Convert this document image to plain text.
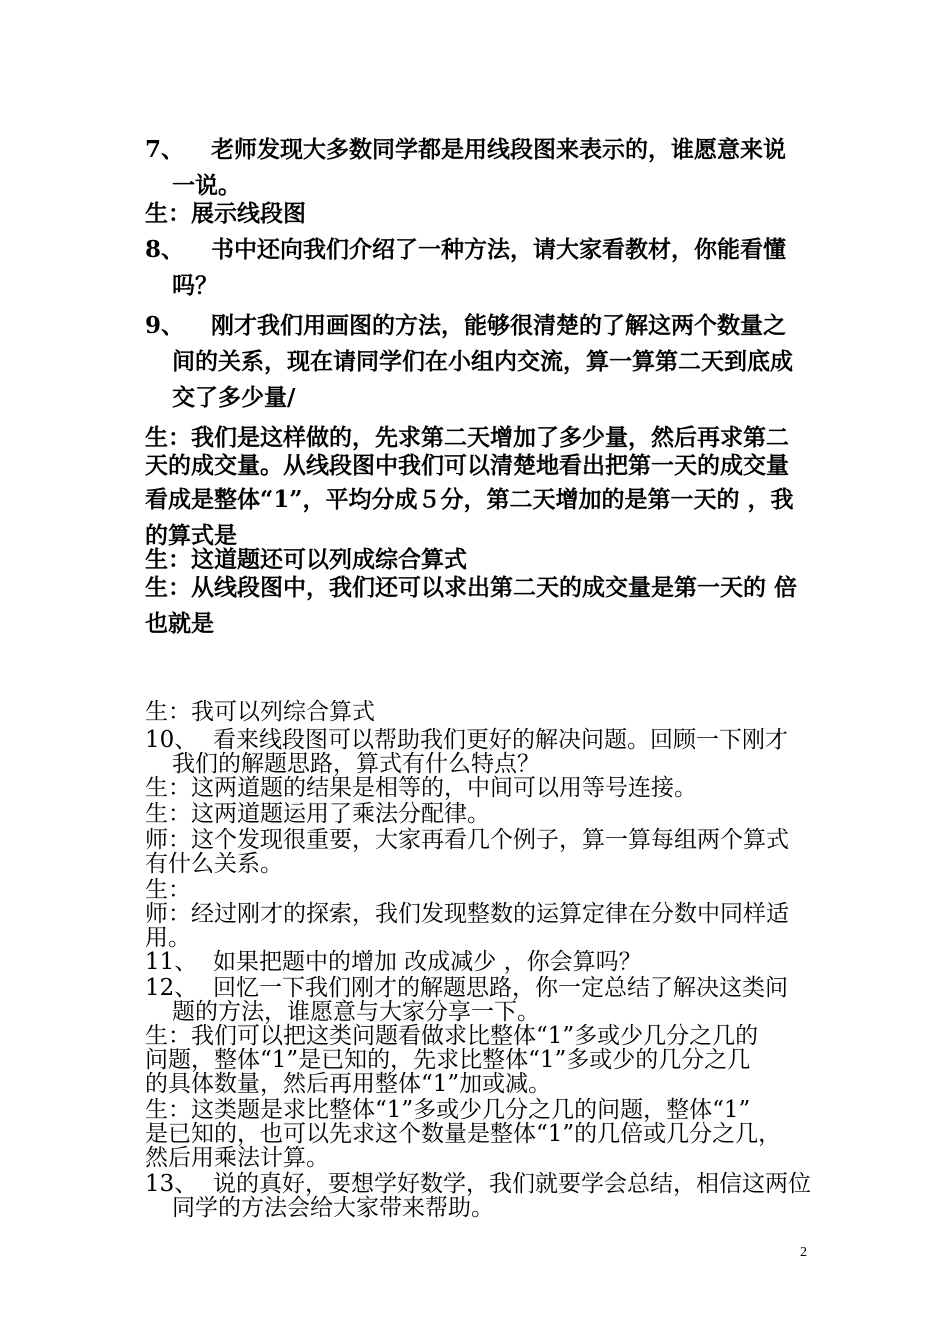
7、 老师发现大多数同学都是用线段图来表示的，谁愿意来说
一说。
生：展示线段图
8、 书中还向我们介绍了一种方法，请大家看教材，你能看懂
吗？
9、 刚才我们用画图的方法，能够很清楚的了解这两个数量之
间的关系，现在请同学们在小组内交流，算一算第二天到底成
交了多少量/
生：我们是这样做的，先求第二天增加了多少量，然后再求第二
天的成交量。从线段图中我们可以清楚地看出把第一天的成交量
看成是整体“1”，平均分成５分，第二天增加的是第一天的 ，我
的算式是
生：这道题还可以列成综合算式
生：从线段图中，我们还可以求出第二天的成交量是第一天的 倍
也就是
生：我可以列综合算式
10、 看来线段图可以帮助我们更好的解决问题。回顾一下刚才
我们的解题思路，算式有什么特点？
生：这两道题的结果是相等的，中间可以用等号连接。
生：这两道题运用了乘法分配律。
师：这个发现很重要，大家再看几个例子，算一算每组两个算式
有什么关系。
生：
师：经过刚才的探索，我们发现整数的运算定律在分数中同样适
用。
11、 如果把题中的增加 改成减少 ，你会算吗？
12、 回忆一下我们刚才的解题思路，你一定总结了解决这类问
题的方法，谁愿意与大家分享一下。
生：我们可以把这类问题看做求比整体“1”多或少几分之几的
问题，整体“1”是已知的，先求比整体“1”多或少的几分之几
的具体数量，然后再用整体“1”加或减。
生：这类题是求比整体“1”多或少几分之几的问题，整体“1”
是已知的，也可以先求这个数量是整体“1”的几倍或几分之几，
然后用乘法计算。
13、 说的真好，要想学好数学，我们就要学会总结，相信这两位
同学的方法会给大家带来帮助。
2
